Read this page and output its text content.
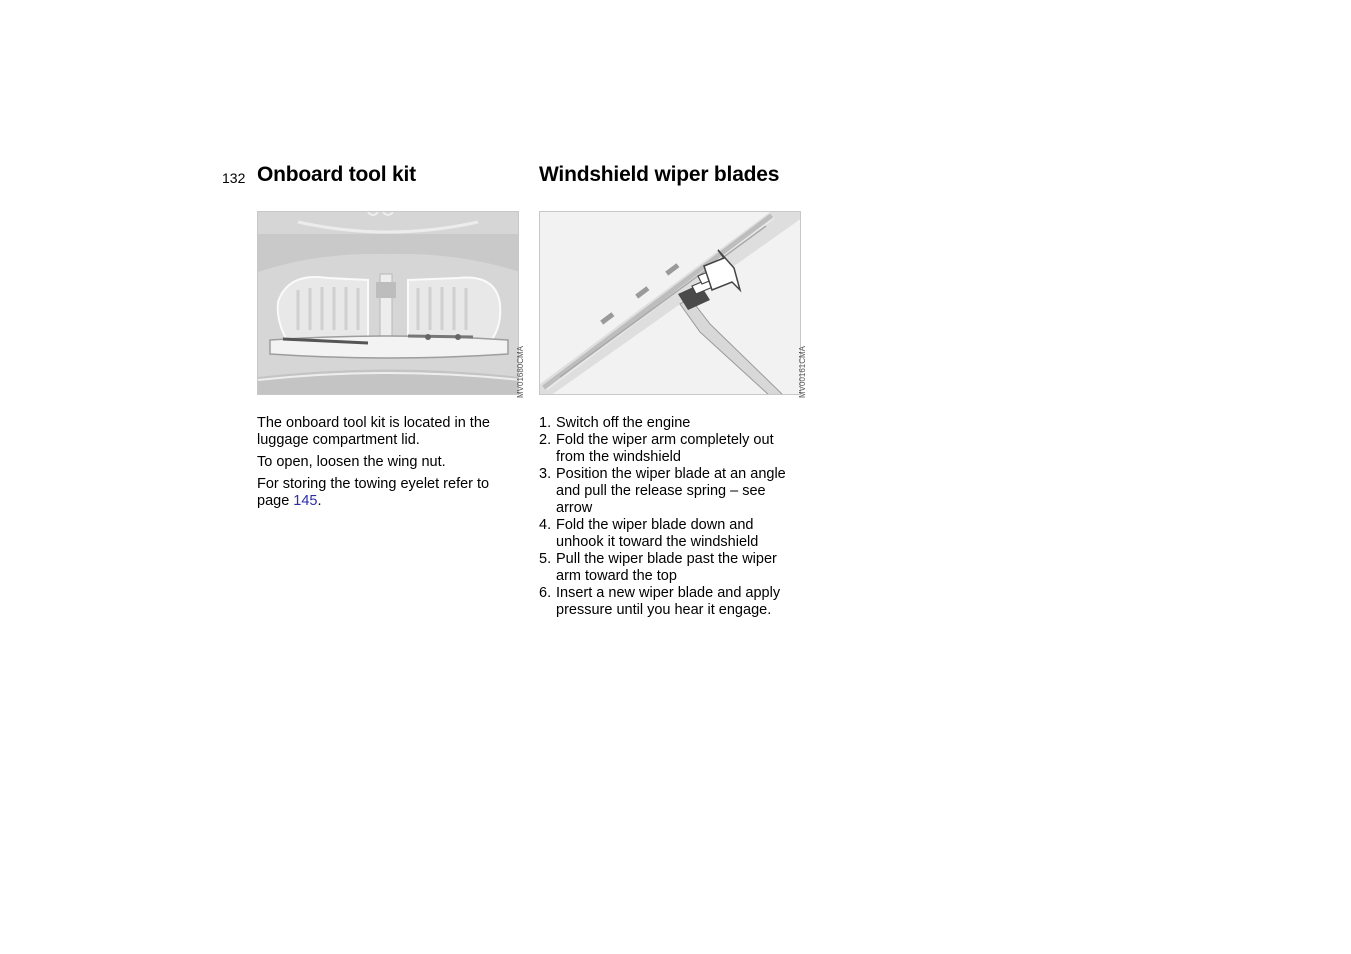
132 Onboard tool kit	Windshield wiper blades
MV01680CMA	MV00161CMA

The onboard tool kit is located in the luggage compartment lid.

To open, loosen the wing nut.

For storing the towing eyelet refer to page 145.

1. Switch off the engine
2. Fold the wiper arm completely out from the windshield
3. Position the wiper blade at an angle and pull the release spring – see arrow
4. Fold the wiper blade down and unhook it toward the windshield
5. Pull the wiper blade past the wiper arm toward the top
6. Insert a new wiper blade and apply pressure until you hear it engage.
